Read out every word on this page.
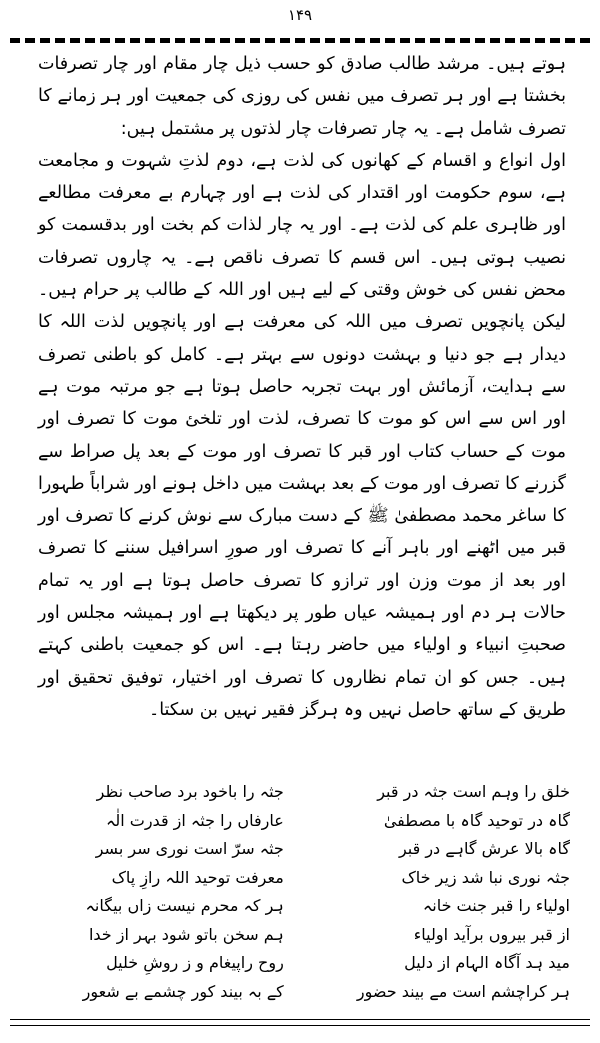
۱۴۹

ہوتے ہیں۔ مرشد طالب صادق کو حسب ذیل چار مقام اور چار تصرفات بخشتا ہے اور ہر تصرف میں نفس کی روزی کی جمعیت اور ہر زمانے کا تصرف شامل ہے۔ یہ چار تصرفات چار لذتوں پر مشتمل ہیں:

اول انواع و اقسام کے کھانوں کی لذت ہے، دوم لذتِ شہوت و مجامعت ہے، سوم حکومت اور اقتدار کی لذت ہے اور چہارم بے معرفت مطالعے اور ظاہری علم کی لذت ہے۔ اور یہ چار لذات کم بخت اور بدقسمت کو نصیب ہوتی ہیں۔ اس قسم کا تصرف ناقص ہے۔ یہ چاروں تصرفات محض نفس کی خوش وقتی کے لیے ہیں اور اللہ کے طالب پر حرام ہیں۔ لیکن پانچویں تصرف میں اللہ کی معرفت ہے اور پانچویں لذت اللہ کا دیدار ہے جو دنیا و بہشت دونوں سے بہتر ہے۔ کامل کو باطنی تصرف سے ہدایت، آزمائش اور بہت تجربہ حاصل ہوتا ہے جو مرتبہ موت ہے اور اس سے اس کو موت کا تصرف، لذت اور تلخئ موت کا تصرف اور موت کے حساب کتاب اور قبر کا تصرف اور موت کے بعد پل صراط سے گزرنے کا تصرف اور موت کے بعد بہشت میں داخل ہونے اور شراباً طہورا کا ساغر محمد مصطفیٰ ﷺ کے دست مبارک سے نوش کرنے کا تصرف اور قبر میں اٹھنے اور باہر آنے کا تصرف اور صورِ اسرافیل سننے کا تصرف اور بعد از موت وزن اور ترازو کا تصرف حاصل ہوتا ہے اور یہ تمام حالات ہر دم اور ہمیشہ عیاں طور پر دیکھتا ہے اور ہمیشہ مجلس اور صحبتِ انبیاء و اولیاء میں حاضر رہتا ہے۔ اس کو جمعیت باطنی کہتے ہیں۔ جس کو ان تمام نظاروں کا تصرف اور اختیار، توفیق تحقیق اور طریق کے ساتھ حاصل نہیں وہ ہرگز فقیر نہیں بن سکتا۔

خلق را وہم است جثہ در قبر
جثہ را باخود برد صاحب نظر
گاہ در توحید گاہ با مصطفیٰ
عارفاں را جثہ از قدرت الٰہ
گاہ بالا عرش گاہے در قبر
جثہ سرّ است نوری سر بسر
جثہ نوری نبا شد زیر خاک
معرفت توحید اللہ رازِ پاک
اولیاء را قبر جنت خانہ
ہر کہ محرم نیست زاں بیگانہ
از قبر بیروں برآید اولیاء
ہم سخن باتو شود بہر از خدا
مید ہد آگاہ الہام از دلیل
روح راپیغام و ز روشِ خلیل
ہر کراچشم است مے بیند حضور
کے بہ بیند کور چشمے بے شعور
